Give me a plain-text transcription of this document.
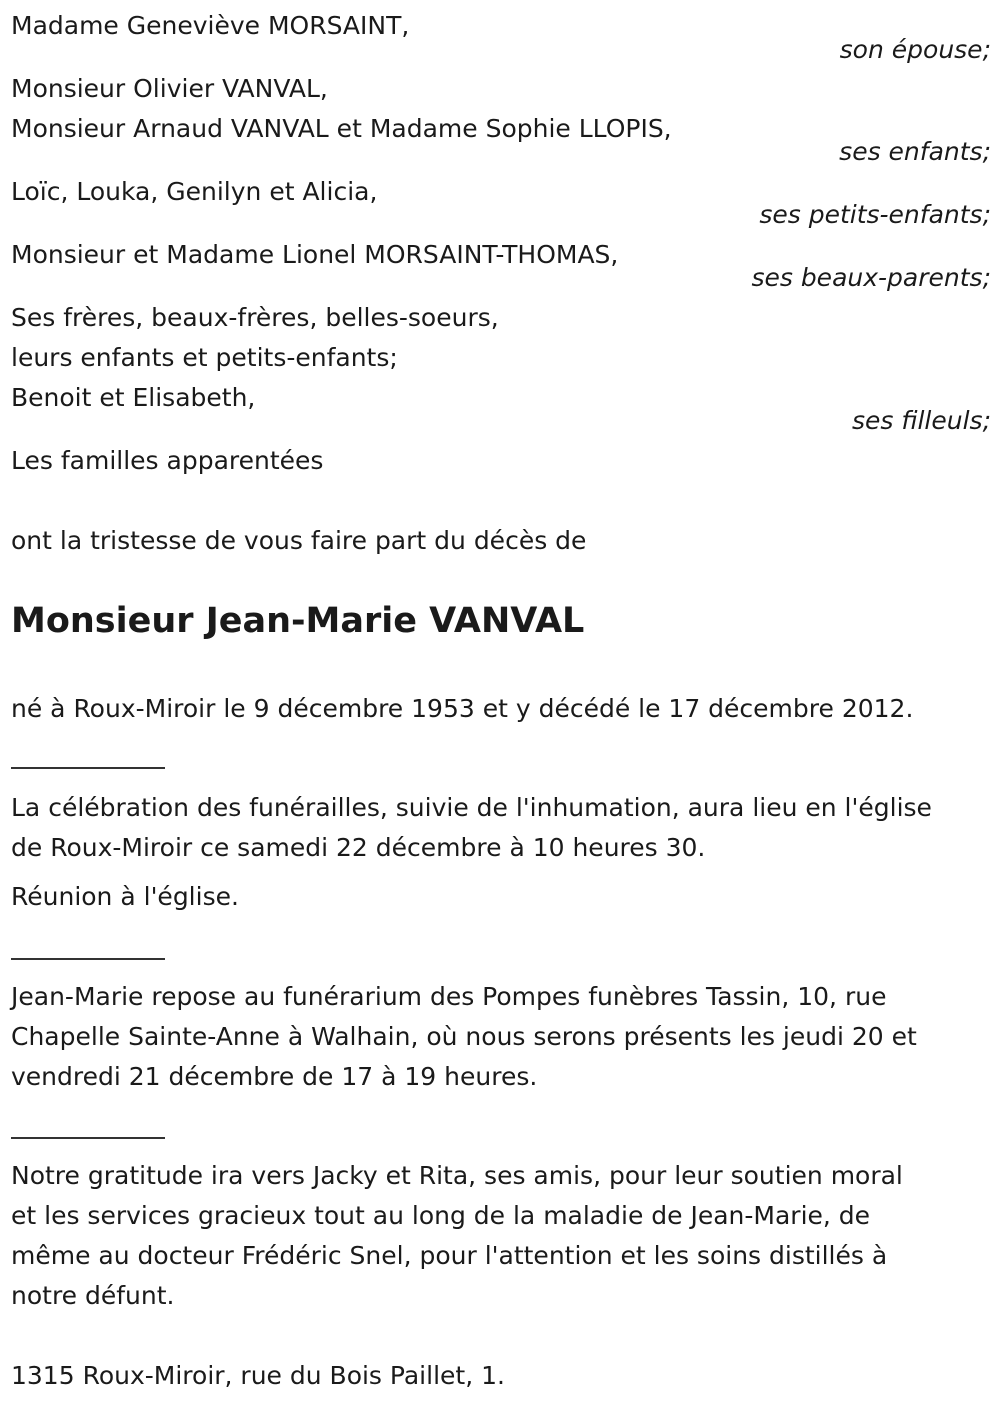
Madame Geneviève MORSAINT,
son épouse;
Monsieur Olivier VANVAL,
Monsieur Arnaud VANVAL et Madame Sophie LLOPIS,
ses enfants;
Loïc, Louka, Genilyn et Alicia,
ses petits-enfants;
Monsieur et Madame Lionel MORSAINT-THOMAS,
ses beaux-parents;
Ses frères, beaux-frères, belles-soeurs,
leurs enfants et petits-enfants;
Benoit et Elisabeth,
ses filleuls;
Les familles apparentées
ont la tristesse de vous faire part du décès de
Monsieur Jean-Marie VANVAL
né à Roux-Miroir le 9 décembre 1953 et y décédé le 17 décembre 2012.
La célébration des funérailles, suivie de l'inhumation, aura lieu en l'église
de Roux-Miroir ce samedi 22 décembre à 10 heures 30.
Réunion à l'église.
Jean-Marie repose au funérarium des Pompes funèbres Tassin, 10, rue
Chapelle Sainte-Anne à Walhain, où nous serons présents les jeudi 20 et
vendredi 21 décembre de 17 à 19 heures.
Notre gratitude ira vers Jacky et Rita, ses amis, pour leur soutien moral
et les services gracieux tout au long de la maladie de Jean-Marie, de
même au docteur Frédéric Snel, pour l'attention et les soins distillés à
notre défunt.
1315 Roux-Miroir, rue du Bois Paillet, 1.
